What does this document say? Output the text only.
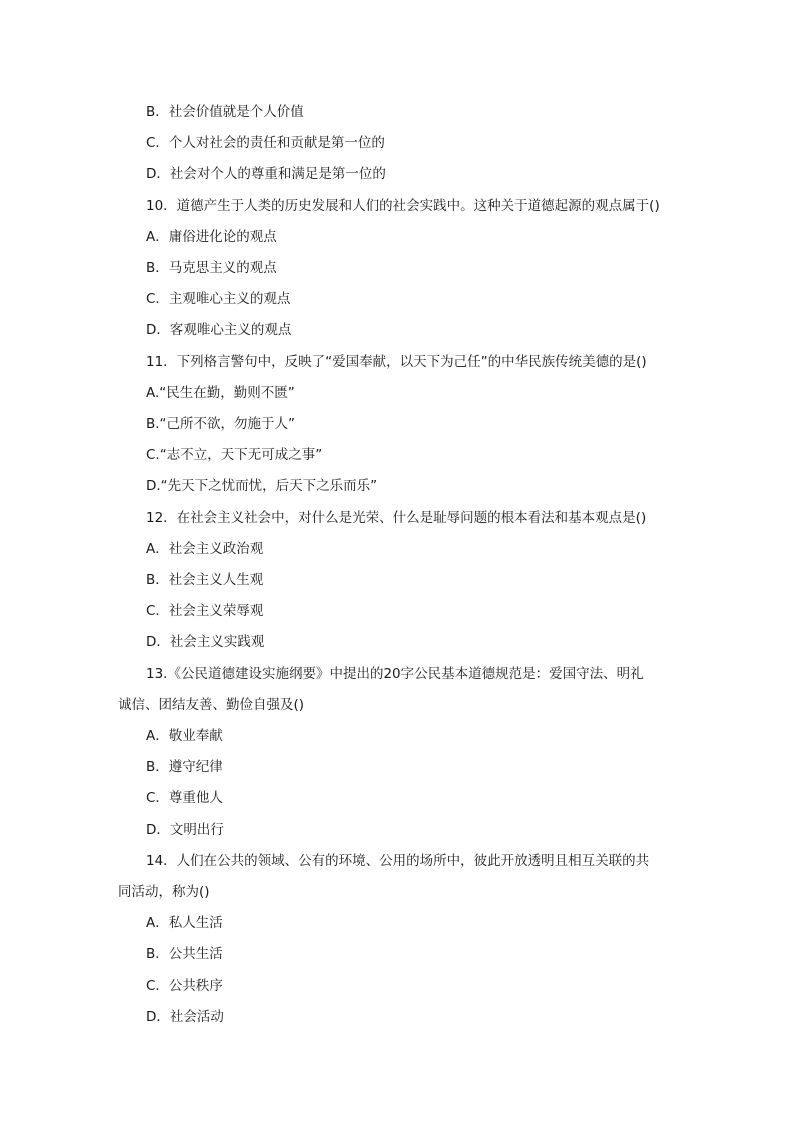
B．社会价值就是个人价值
C．个人对社会的责任和贡献是第一位的
D．社会对个人的尊重和满足是第一位的
10．道德产生于人类的历史发展和人们的社会实践中。这种关于道德起源的观点属于()
A．庸俗进化论的观点
B．马克思主义的观点
C．主观唯心主义的观点
D．客观唯心主义的观点
11．下列格言警句中，反映了“爱国奉献，以天下为己任”的中华民族传统美德的是()
A.“民生在勤，勤则不匮”
B.“己所不欲，勿施于人”
C.“志不立，天下无可成之事”
D.“先天下之忧而忧，后天下之乐而乐”
12．在社会主义社会中，对什么是光荣、什么是耻辱问题的根本看法和基本观点是()
A．社会主义政治观
B．社会主义人生观
C．社会主义荣辱观
D．社会主义实践观
13.《公民道德建设实施纲要》中提出的20字公民基本道德规范是：爱国守法、明礼
诚信、团结友善、勤俭自强及()
A．敬业奉献
B．遵守纪律
C．尊重他人
D．文明出行
14．人们在公共的领域、公有的环境、公用的场所中，彼此开放透明且相互关联的共
同活动，称为()
A．私人生活
B．公共生活
C．公共秩序
D．社会活动
